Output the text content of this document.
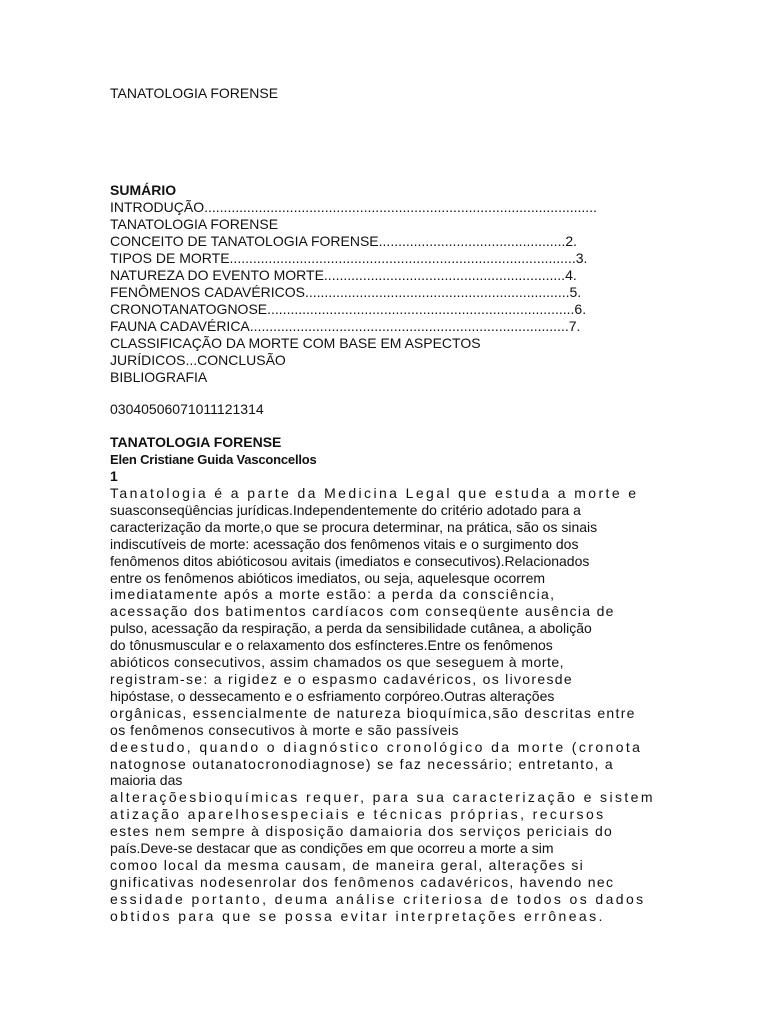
TANATOLOGIA FORENSE
SUMÁRIO
INTRODUÇÃO.....................................................................................................
TANATOLOGIA FORENSE
CONCEITO DE TANATOLOGIA FORENSE................................................2.
TIPOS DE MORTE.........................................................................................3.
NATUREZA DO EVENTO MORTE..............................................................4.
FENÔMENOS CADAVÉRICOS....................................................................5.
CRONOTANATOGNOSE...............................................................................6.
FAUNA CADAVÉRICA..................................................................................7.
CLASSIFICAÇÃO DA MORTE COM BASE EM ASPECTOS
JURÍDICOS...CONCLUSÃO
BIBLIOGRAFIA
03040506071011121314
TANATOLOGIA FORENSE
Elen Cristiane Guida Vasconcellos
1
Tanatologia é a parte da Medicina Legal que estuda a morte e
suasconseqüências jurídicas.Independentemente do critério adotado para a
caracterização da morte,o que se procura determinar, na prática, são os sinais
indiscutíveis de morte: acessação dos fenômenos vitais e o surgimento dos
fenômenos ditos abióticosou avitais (imediatos e consecutivos).Relacionados
entre os fenômenos abióticos imediatos, ou seja, aquelesque ocorrem
imediatamente após a morte estão: a perda da consciência,
acessação dos batimentos cardíacos com conseqüente ausência de
pulso, acessação da respiração, a perda da sensibilidade cutânea, a abolição
do tônusmuscular e o relaxamento dos esfíncteres.Entre os fenômenos
abióticos consecutivos, assim chamados os que seseguem à morte,
registram-se: a rigidez e o espasmo cadavéricos, os livoresde
hipóstase, o dessecamento e o esfriamento corpóreo.Outras alterações
orgânicas, essencialmente de natureza bioquímica,são descritas entre
os fenômenos consecutivos à morte e são passíveis
deestudo, quando o diagnóstico cronológico da morte (cronota
natognose outanatocronodiagnose) se faz necessário; entretanto, a
maioria das
alteraçõesbioquímicas requer, para sua caracterização e sistem
atização aparelhosespeciais e técnicas próprias, recursos
estes nem sempre à disposição damaioria dos serviços periciais do
país.Deve-se destacar que as condições em que ocorreu a morte a sim
comoo local da mesma causam, de maneira geral, alterações si
gnificativas nodesenrolar dos fenômenos cadavéricos, havendo nec
essidade portanto, deuma análise criteriosa de todos os dados
obtidos para que se possa evitar interpretações errôneas.
